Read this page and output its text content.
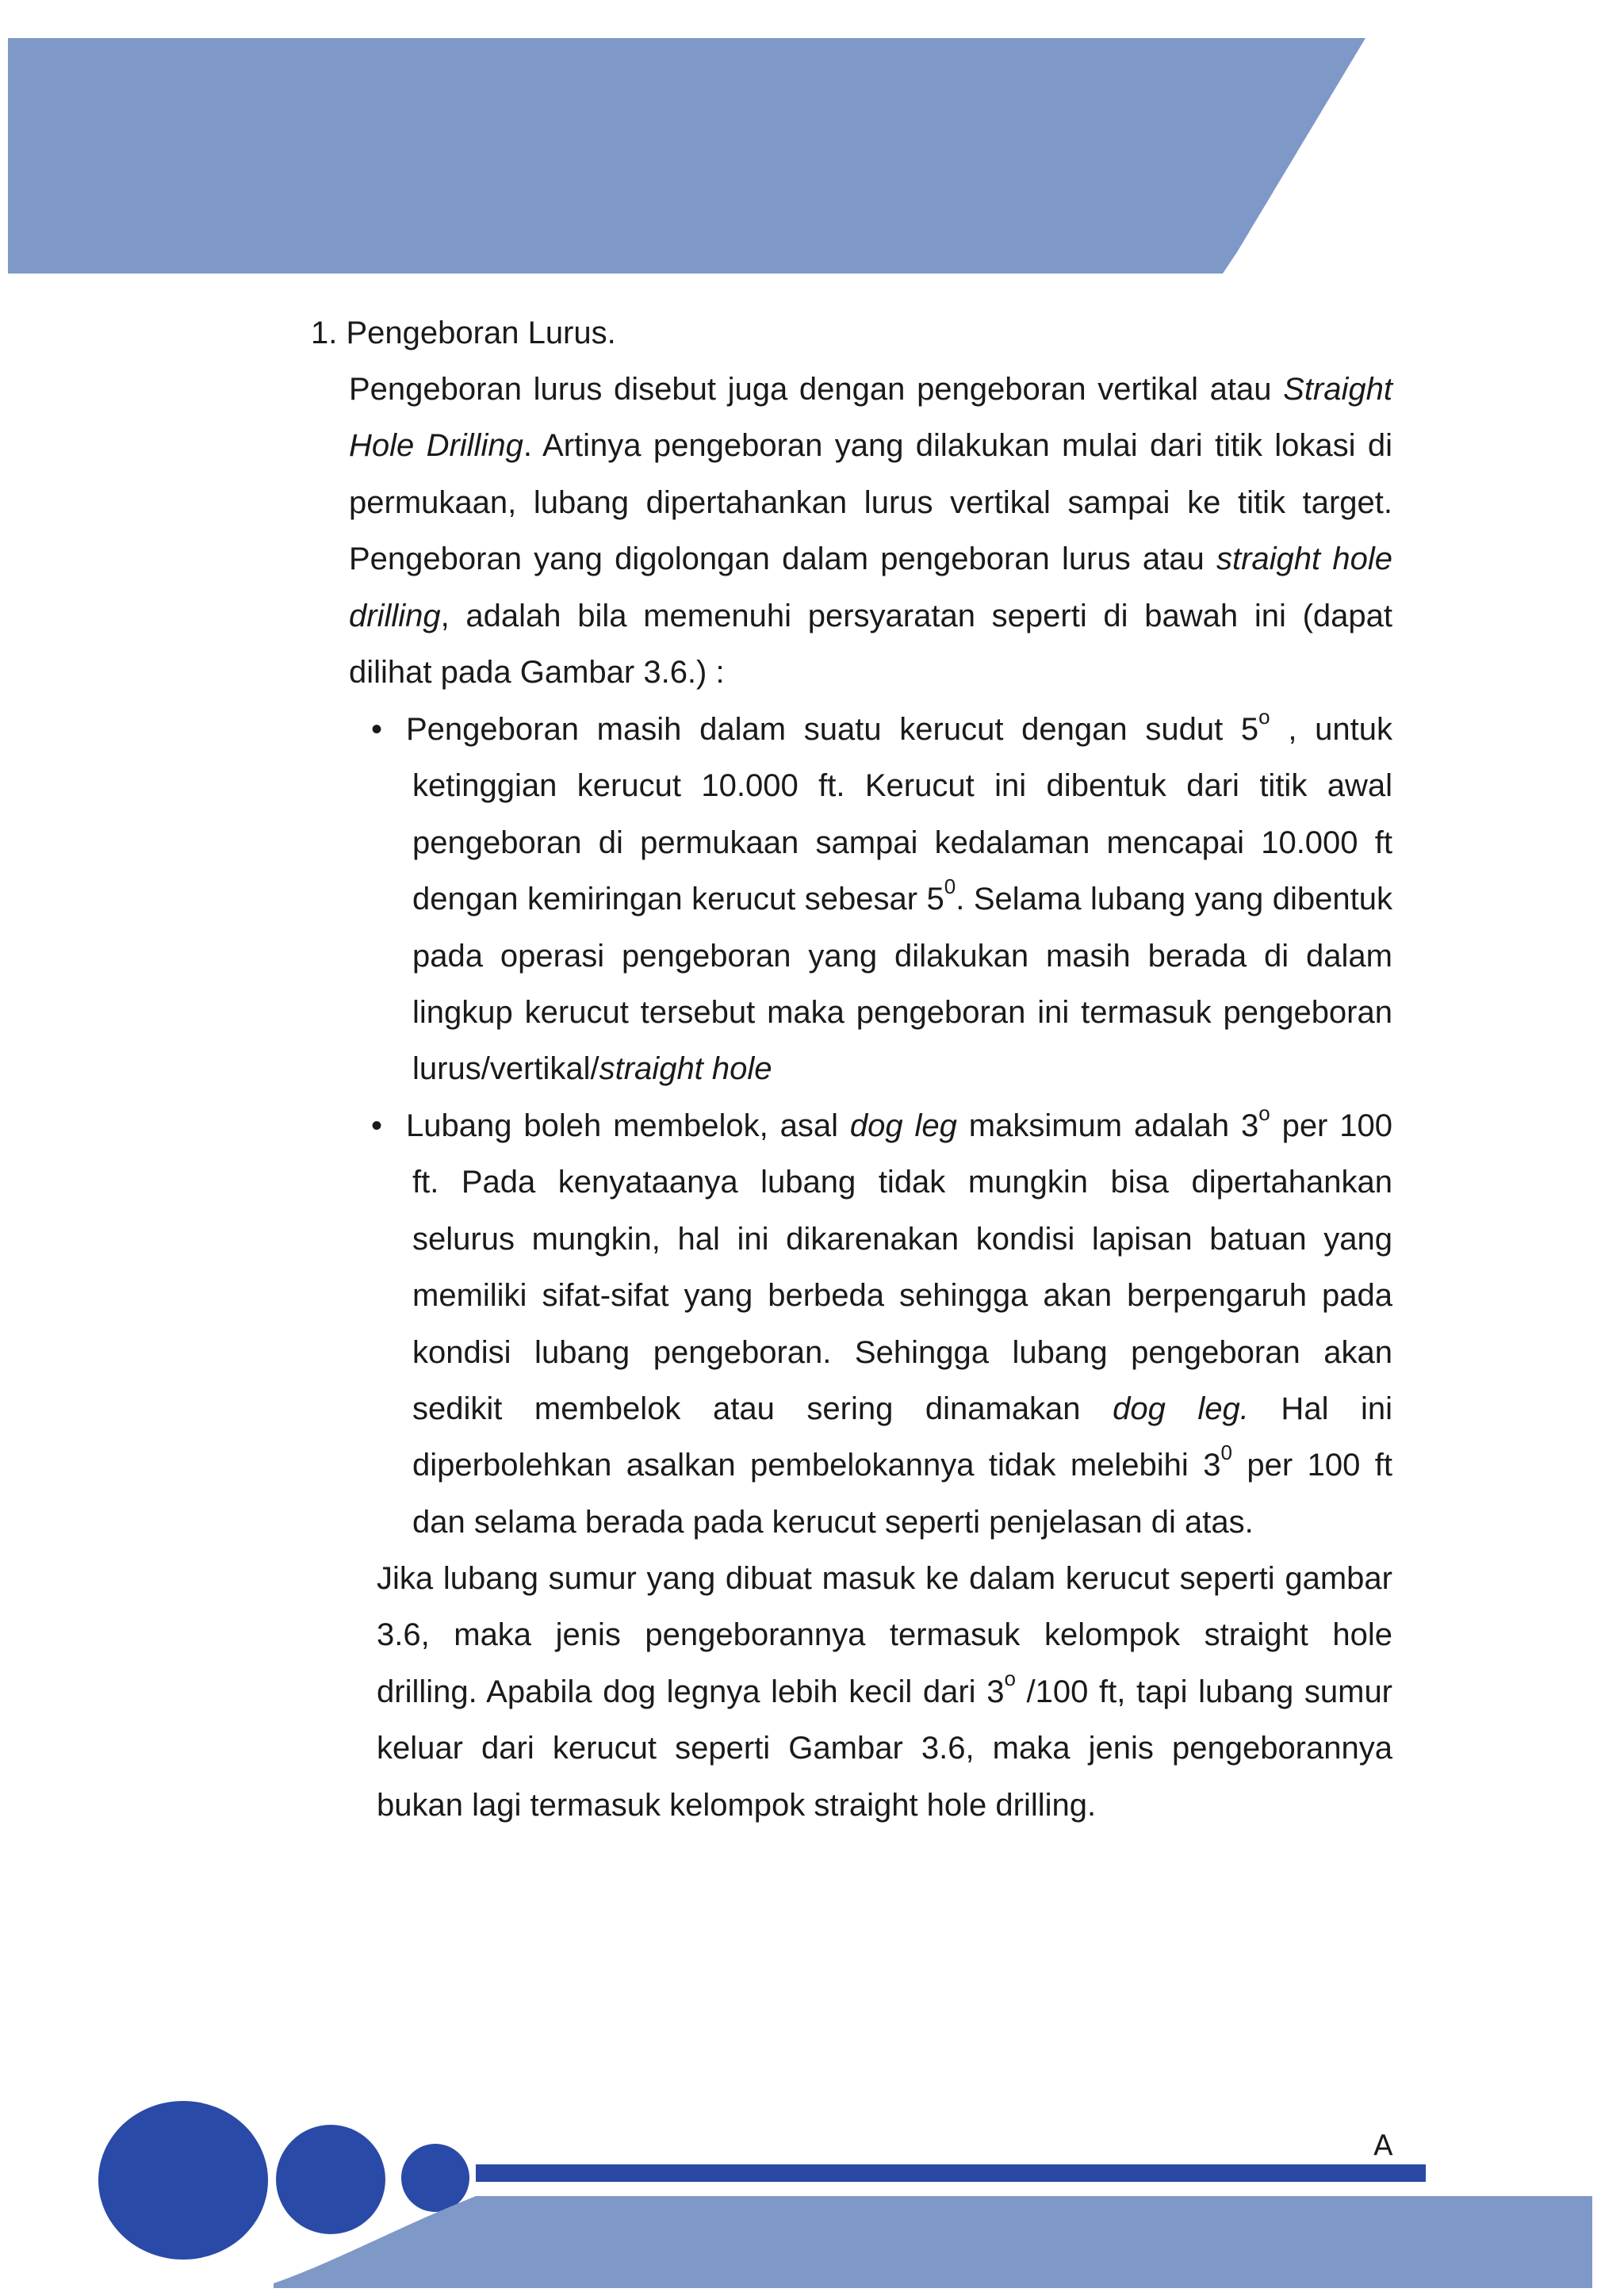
1. Pengeboran Lurus.
Pengeboran lurus disebut juga dengan pengeboran vertikal atau Straight Hole Drilling. Artinya pengeboran yang dilakukan mulai dari titik lokasi di permukaan, lubang dipertahankan lurus vertikal sampai ke titik target. Pengeboran yang digolongan dalam pengeboran lurus atau straight hole drilling, adalah bila memenuhi persyaratan seperti di bawah ini (dapat dilihat pada Gambar 3.6.) :
• Pengeboran masih dalam suatu kerucut dengan sudut 5$^o$ , untuk ketinggian kerucut 10.000 ft. Kerucut ini dibentuk dari titik awal pengeboran di permukaan sampai kedalaman mencapai 10.000 ft dengan kemiringan kerucut sebesar $5^0$. Selama lubang yang dibentuk pada operasi pengeboran yang dilakukan masih berada di dalam lingkup kerucut tersebut maka pengeboran ini termasuk pengeboran lurus/vertikal/straight hole
• Lubang boleh membelok, asal dog leg maksimum adalah 3$^o$ per 100 ft. Pada kenyataanya lubang tidak mungkin bisa dipertahankan selurus mungkin, hal ini dikarenakan kondisi lapisan batuan yang memiliki sifat-sifat yang berbeda sehingga akan berpengaruh pada kondisi lubang pengeboran. Sehingga lubang pengeboran akan sedikit membelok atau sering dinamakan dog leg. Hal ini diperbolehkan asalkan pembelokannya tidak melebihi $3^0$ per 100 ft dan selama berada pada kerucut seperti penjelasan di atas.
Jika lubang sumur yang dibuat masuk ke dalam kerucut seperti gambar 3.6, maka jenis pengeborannya termasuk kelompok straight hole drilling. Apabila dog legnya lebih kecil dari 3$^o$ /100 ft, tapi lubang sumur keluar dari kerucut seperti Gambar 3.6, maka jenis pengeborannya bukan lagi termasuk kelompok straight hole drilling.
A
